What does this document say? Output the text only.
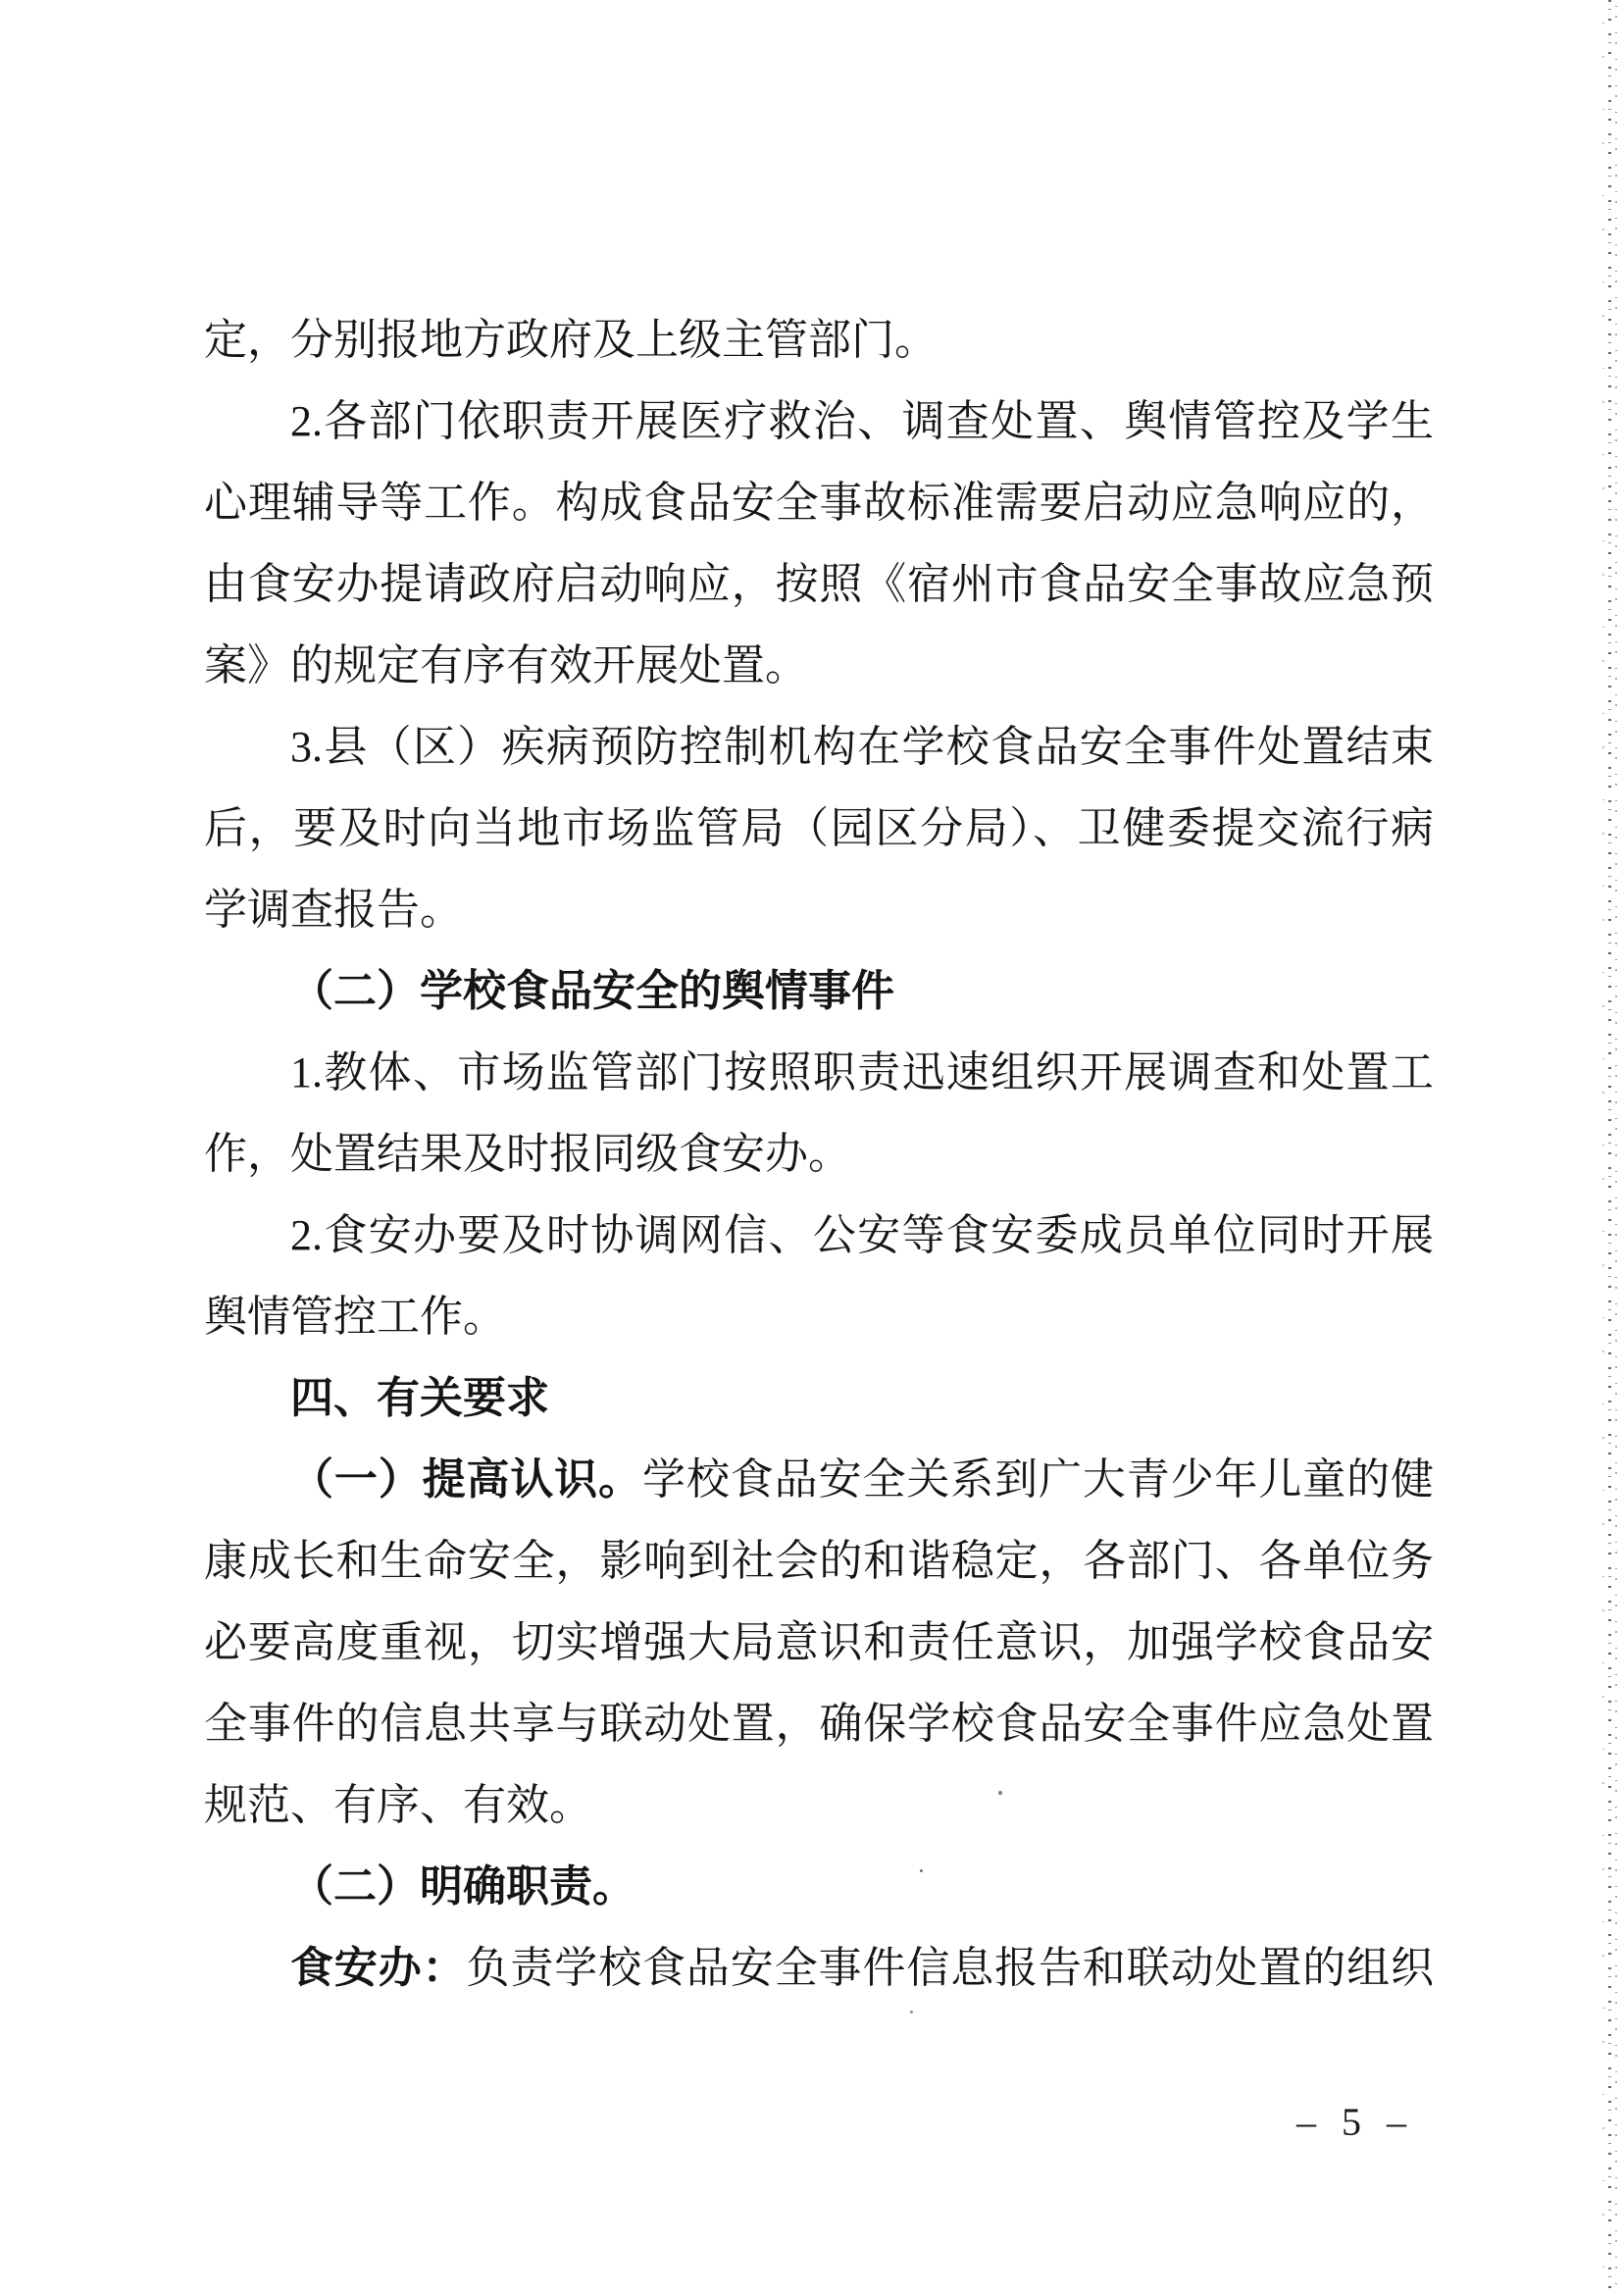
定，分别报地方政府及上级主管部门。
2.各部门依职责开展医疗救治、调查处置、舆情管控及学生
心理辅导等工作。构成食品安全事故标准需要启动应急响应的，
由食安办提请政府启动响应，按照《宿州市食品安全事故应急预
案》的规定有序有效开展处置。
3.县（区）疾病预防控制机构在学校食品安全事件处置结束
后，要及时向当地市场监管局（园区分局）、卫健委提交流行病
学调查报告。
（二）学校食品安全的舆情事件
1.教体、市场监管部门按照职责迅速组织开展调查和处置工
作，处置结果及时报同级食安办。
2.食安办要及时协调网信、公安等食安委成员单位同时开展
舆情管控工作。
四、有关要求
（一）提高认识。学校食品安全关系到广大青少年儿童的健
康成长和生命安全，影响到社会的和谐稳定，各部门、各单位务
必要高度重视，切实增强大局意识和责任意识，加强学校食品安
全事件的信息共享与联动处置，确保学校食品安全事件应急处置
规范、有序、有效。
（二）明确职责。
食安办：负责学校食品安全事件信息报告和联动处置的组织
– 5 –
